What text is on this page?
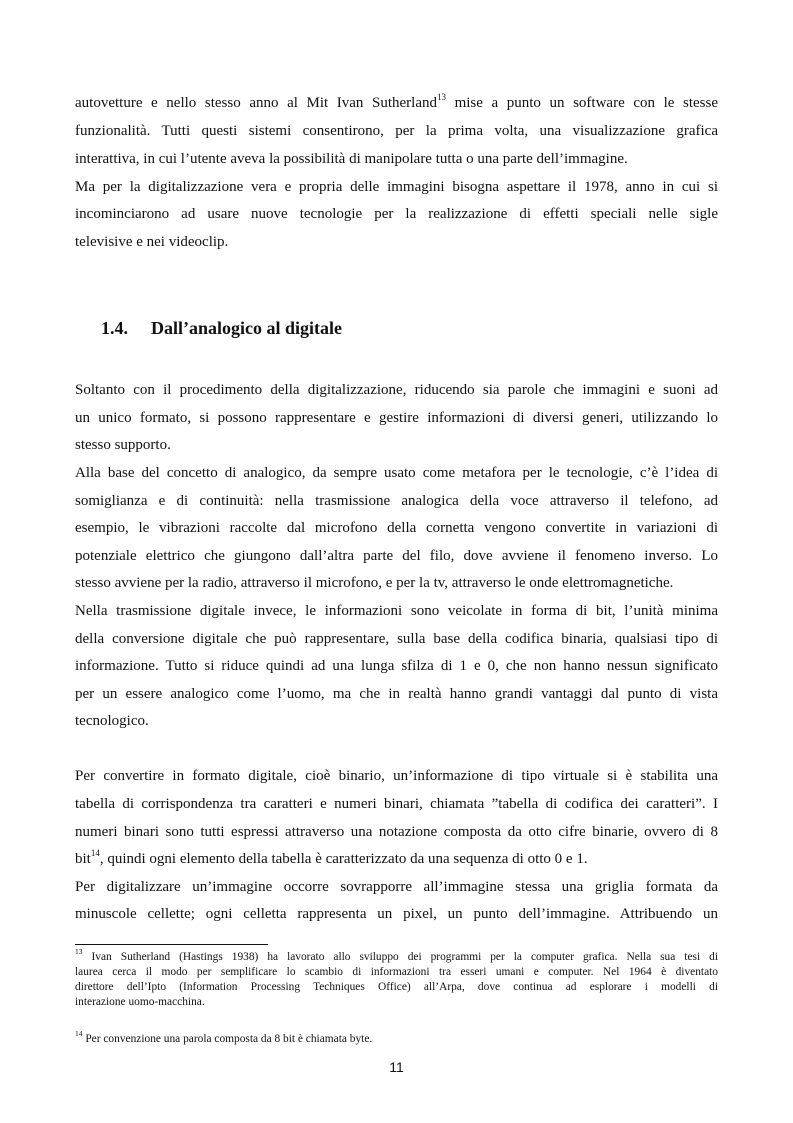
autovetture e nello stesso anno al Mit Ivan Sutherland$^{13}$ mise a punto un software con le stesse
funzionalità. Tutti questi sistemi consentirono, per la prima volta, una visualizzazione grafica
interattiva, in cui l’utente aveva la possibilità di manipolare tutta o una parte dell’immagine.
Ma per la digitalizzazione vera e propria delle immagini bisogna aspettare il 1978, anno in cui si
incominciarono ad usare nuove tecnologie per la realizzazione di effetti speciali nelle sigle
televisive e nei videoclip.
1.4. Dall’analogico al digitale
Soltanto con il procedimento della digitalizzazione, riducendo sia parole che immagini e suoni ad
un unico formato, si possono rappresentare e gestire informazioni di diversi generi, utilizzando lo
stesso supporto.
Alla base del concetto di analogico, da sempre usato come metafora per le tecnologie, c’è l’idea di
somiglianza e di continuità: nella trasmissione analogica della voce attraverso il telefono, ad
esempio, le vibrazioni raccolte dal microfono della cornetta vengono convertite in variazioni di
potenziale elettrico che giungono dall’altra parte del filo, dove avviene il fenomeno inverso. Lo
stesso avviene per la radio, attraverso il microfono, e per la tv, attraverso le onde elettromagnetiche.
Nella trasmissione digitale invece, le informazioni sono veicolate in forma di bit, l’unità minima
della conversione digitale che può rappresentare, sulla base della codifica binaria, qualsiasi tipo di
informazione. Tutto si riduce quindi ad una lunga sfilza di 1 e 0, che non hanno nessun significato
per un essere analogico come l’uomo, ma che in realtà hanno grandi vantaggi dal punto di vista
tecnologico.
Per convertire in formato digitale, cioè binario, un’informazione di tipo virtuale si è stabilita una
tabella di corrispondenza tra caratteri e numeri binari, chiamata ”tabella di codifica dei caratteri”. I
numeri binari sono tutti espressi attraverso una notazione composta da otto cifre binarie, ovvero di 8
bit$^{14}$, quindi ogni elemento della tabella è caratterizzato da una sequenza di otto 0 e 1.
Per digitalizzare un’immagine occorre sovrapporre all’immagine stessa una griglia formata da
minuscole cellette; ogni celletta rappresenta un pixel, un punto dell’immagine. Attribuendo un
$^{13}$ Ivan Sutherland (Hastings 1938) ha lavorato allo sviluppo dei programmi per la computer grafica. Nella sua tesi di
laurea cerca il modo per semplificare lo scambio di informazioni tra esseri umani e computer. Nel 1964 è diventato
direttore dell’Ipto (Information Processing Techniques Office) all’Arpa, dove continua ad esplorare i modelli di
interazione uomo-macchina.
$^{14}$ Per convenzione una parola composta da 8 bit è chiamata byte.
11
